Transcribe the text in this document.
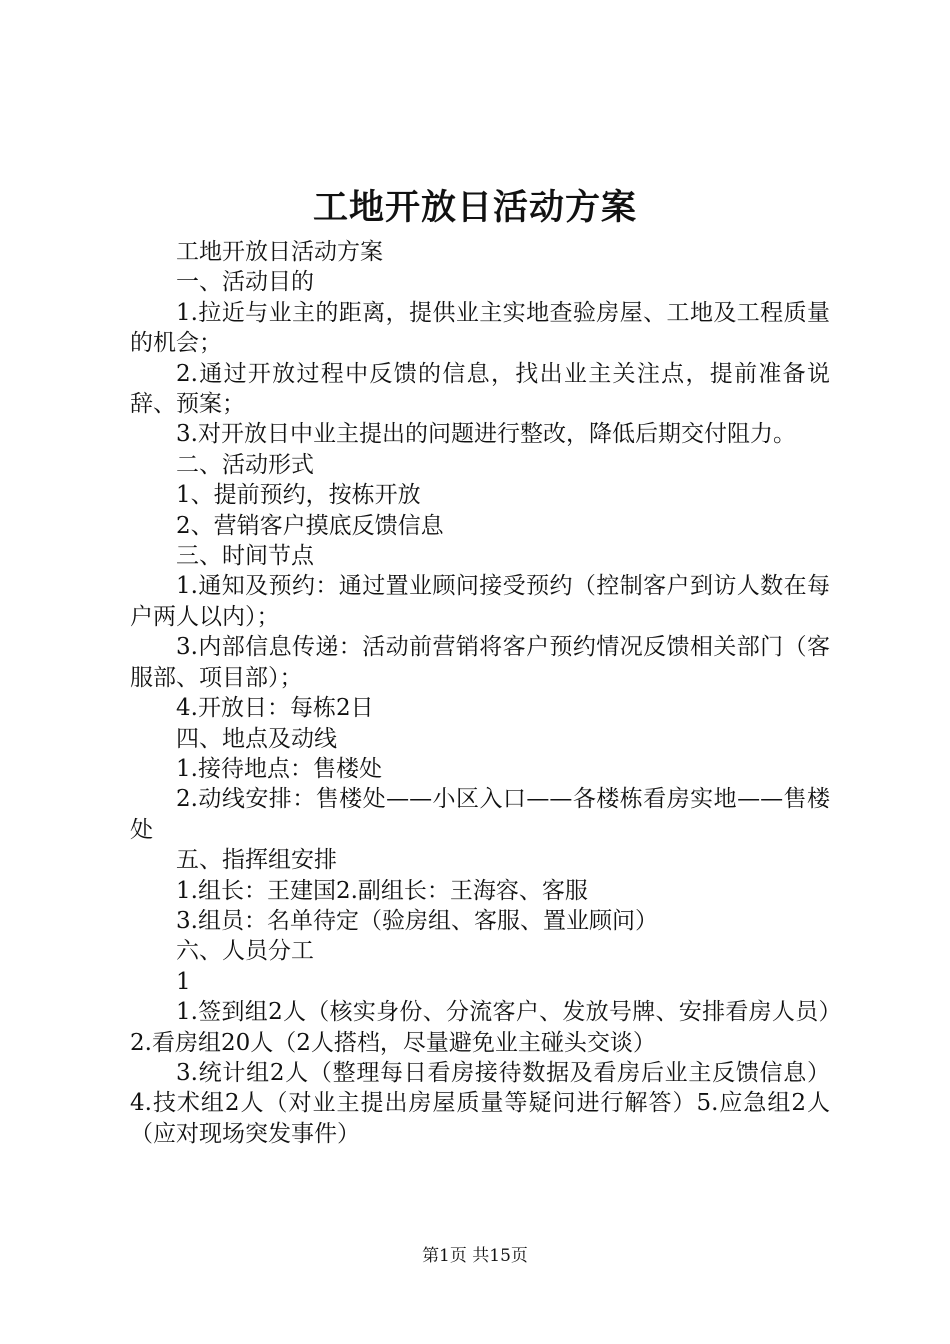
工地开放日活动方案

工地开放日活动方案

一、活动目的

1.拉近与业主的距离，提供业主实地查验房屋、工地及工程质量的机会；

2.通过开放过程中反馈的信息，找出业主关注点，提前准备说辞、预案；

3.对开放日中业主提出的问题进行整改，降低后期交付阻力。

二、活动形式

1、提前预约，按栋开放

2、营销客户摸底反馈信息

三、时间节点

1.通知及预约：通过置业顾问接受预约（控制客户到访人数在每户两人以内）；

3.内部信息传递：活动前营销将客户预约情况反馈相关部门（客服部、项目部）；

4.开放日：每栋2日

四、地点及动线

1.接待地点：售楼处

2.动线安排：售楼处——小区入口——各楼栋看房实地——售楼处

五、指挥组安排

1.组长：王建国2.副组长：王海容、客服

3.组员：名单待定（验房组、客服、置业顾问）

六、人员分工

1

1.签到组2人（核实身份、分流客户、发放号牌、安排看房人员）2.看房组20人（2人搭档，尽量避免业主碰头交谈）

3.统计组2人（整理每日看房接待数据及看房后业主反馈信息）4.技术组2人（对业主提出房屋质量等疑问进行解答）5.应急组2人（应对现场突发事件）

第1页 共15页
